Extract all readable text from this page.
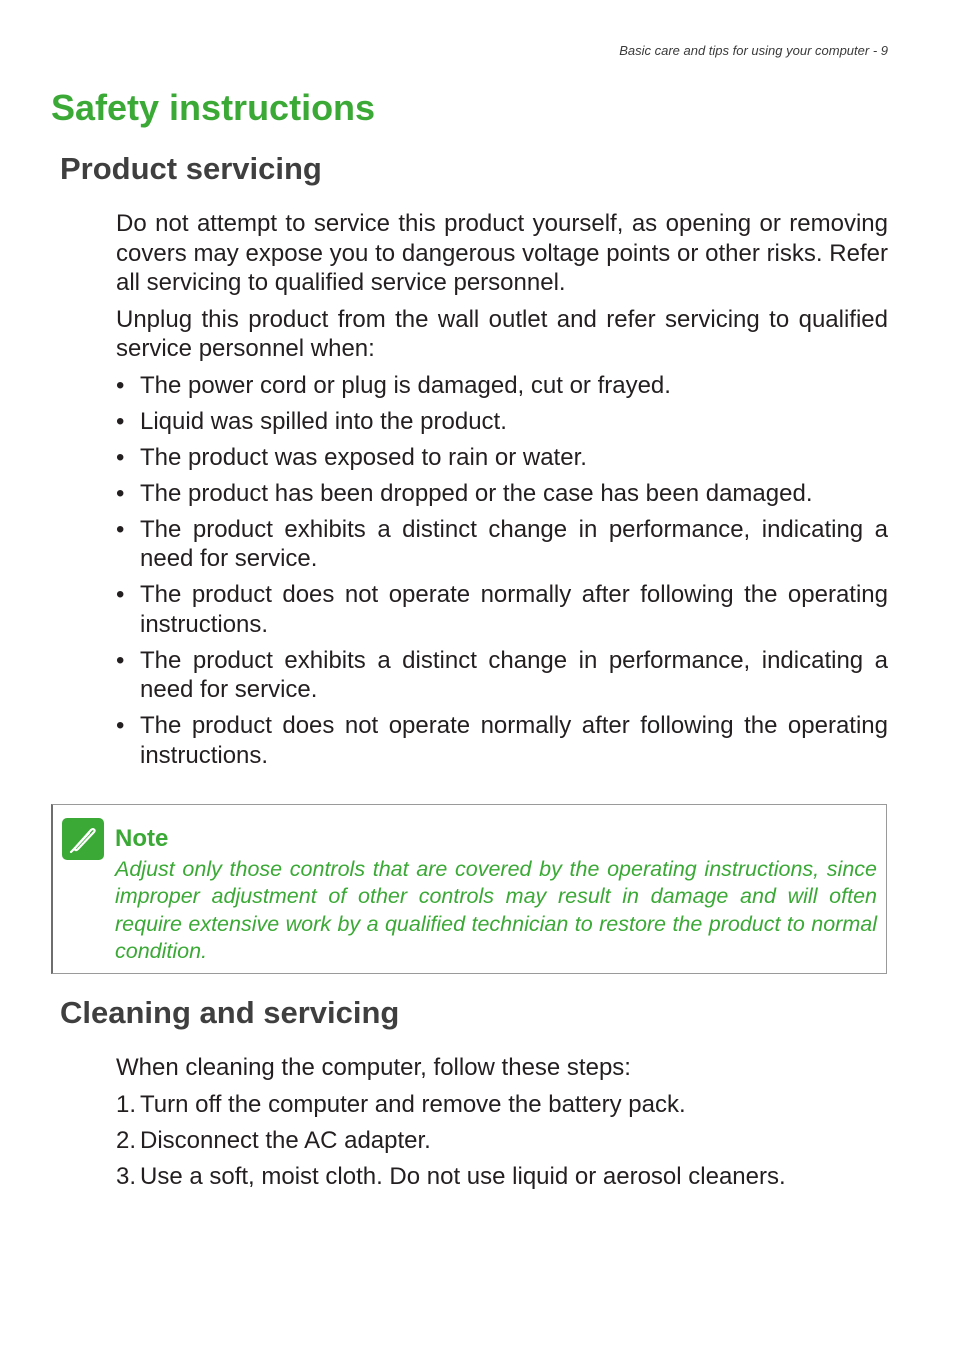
Basic care and tips for using your computer - 9
Safety instructions
Product servicing

Do not attempt to service this product yourself, as opening or removing covers may expose you to dangerous voltage points or other risks. Refer all servicing to qualified service personnel.

Unplug this product from the wall outlet and refer servicing to qualified service personnel when:

• The power cord or plug is damaged, cut or frayed.
• Liquid was spilled into the product.
• The product was exposed to rain or water.
• The product has been dropped or the case has been damaged.
• The product exhibits a distinct change in performance, indicating a need for service.
• The product does not operate normally after following the operating instructions.
• The product exhibits a distinct change in performance, indicating a need for service.
• The product does not operate normally after following the operating instructions.
Note
Adjust only those controls that are covered by the operating instructions, since improper adjustment of other controls may result in damage and will often require extensive work by a qualified technician to restore the product to normal condition.
Cleaning and servicing

When cleaning the computer, follow these steps:

1. Turn off the computer and remove the battery pack.
2. Disconnect the AC adapter.
3. Use a soft, moist cloth. Do not use liquid or aerosol cleaners.
